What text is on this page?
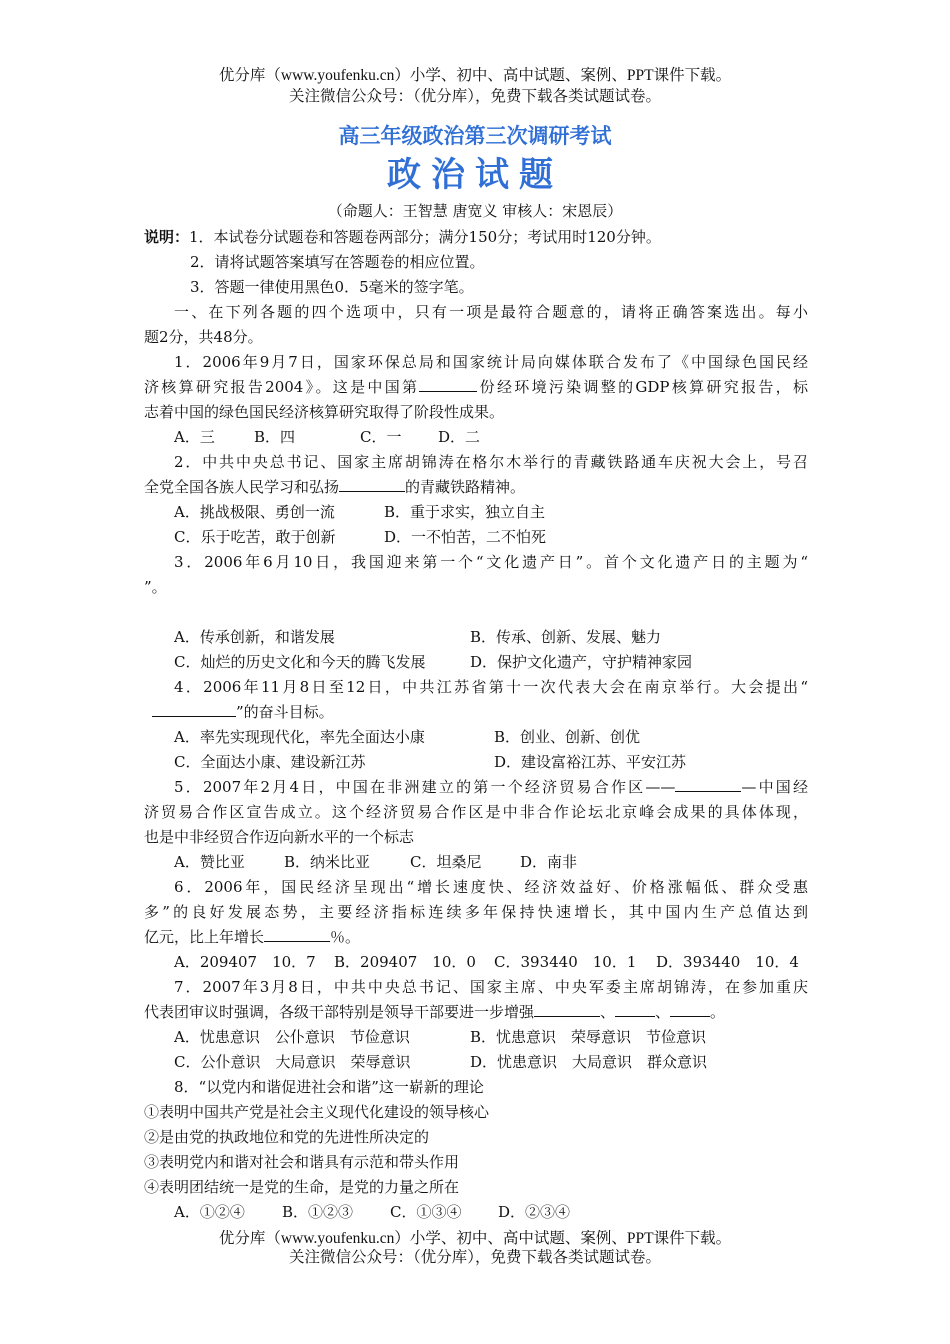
优分库（www.youfenku.cn）小学、初中、高中试题、案例、PPT课件下载。
关注微信公众号：（优分库），免费下载各类试题试卷。
高三年级政治第三次调研考试
政治试题
（命题人：王智慧 唐宽义 审核人：宋恩辰）
说明：1．本试卷分试题卷和答题卷两部分；满分150分；考试用时120分钟。
2．请将试题答案填写在答题卷的相应位置。
3．答题一律使用黑色0．5毫米的签字笔。
一、在下列各题的四个选项中，只有一项是最符合题意的，请将正确答案选出。每小
题2分，共48分。
1．2006年9月7日，国家环保总局和国家统计局向媒体联合发布了《中国绿色国民经
济核算研究报告2004》。这是中国第	份经环境污染调整的GDP核算研究报告，标
志着中国的绿色国民经济核算研究取得了阶段性成果。
A．三	B．四	C．一 D．二
2．中共中央总书记、国家主席胡锦涛在格尔木举行的青藏铁路通车庆祝大会上，号召
全党全国各族人民学习和弘扬	的青藏铁路精神。
A．挑战极限、勇创一流	B．重于求实，独立自主
C．乐于吃苦，敢于创新	D．一不怕苦，二不怕死
3．2006年6月10日，我国迎来第一个“文化遗产日”。首个文化遗产日的主题为“
”。
A．传承创新，和谐发展	B．传承、创新、发展、魅力
C．灿烂的历史文化和今天的腾飞发展	D．保护文化遗产，守护精神家园
4．2006年11月8日至12日，中共江苏省第十一次代表大会在南京举行。大会提出“
”的奋斗目标。
A．率先实现现代化，率先全面达小康	B．创业、创新、创优
C．全面达小康、建设新江苏	D．建设富裕江苏、平安江苏
5．2007年2月4日，中国在非洲建立的第一个经济贸易合作区——	—中国经
济贸易合作区宣告成立。这个经济贸易合作区是中非合作论坛北京峰会成果的具体体现，
也是中非经贸合作迈向新水平的一个标志
A．赞比亚	B．纳米比亚	C．坦桑尼	D．南非
6．2006年，国民经济呈现出“增长速度快、经济效益好、价格涨幅低、群众受惠
多”的良好发展态势，主要经济指标连续多年保持快速增长，其中国内生产总值达到
亿元，比上年增长	％。
A．209407　10．7 B．209407　10．0 C．393440　10．1 D．393440　10．4
7．2007年3月8日，中共中央总书记、国家主席、中央军委主席胡锦涛，在参加重庆
代表团审议时强调，各级干部特别是领导干部要进一步增强	、	、	。
A．忧患意识　公仆意识　节俭意识	B．忧患意识　荣辱意识　节俭意识
C．公仆意识　大局意识　荣辱意识	D．忧患意识　大局意识　群众意识
8．“以党内和谐促进社会和谐”这一崭新的理论
①表明中国共产党是社会主义现代化建设的领导核心
②是由党的执政地位和党的先进性所决定的
③表明党内和谐对社会和谐具有示范和带头作用
④表明团结统一是党的生命，是党的力量之所在
A．①②④ B．①②③ C．①③④ D．②③④
优分库（www.youfenku.cn）小学、初中、高中试题、案例、PPT课件下载。
关注微信公众号：（优分库），免费下载各类试题试卷。
